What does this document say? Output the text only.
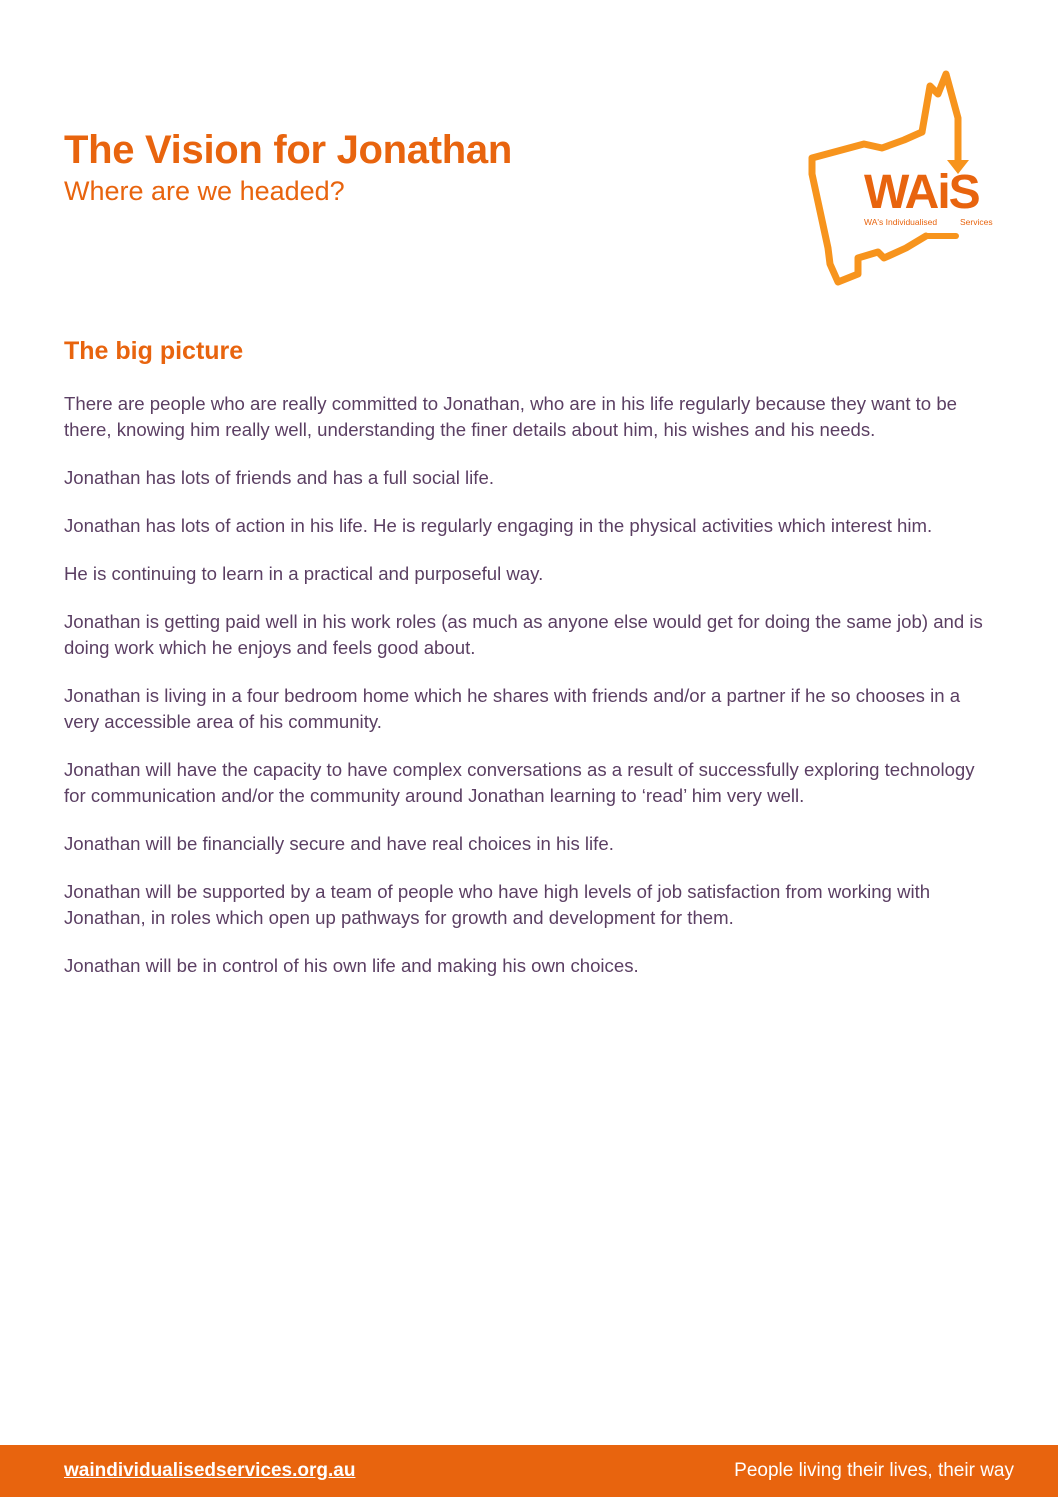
The Vision for Jonathan
Where are we headed?	WAiS
WA's Individualised	Services
The big picture

There are people who are really committed to Jonathan, who are in his life regularly because they want to be there, knowing him really well, understanding the finer details about him, his wishes and his needs.

Jonathan has lots of friends and has a full social life.

Jonathan has lots of action in his life. He is regularly engaging in the physical activities which interest him.

He is continuing to learn in a practical and purposeful way.

Jonathan is getting paid well in his work roles (as much as anyone else would get for doing the same job) and is doing work which he enjoys and feels good about.

Jonathan is living in a four bedroom home which he shares with friends and/or a partner if he so chooses in a very accessible area of his community.

Jonathan will have the capacity to have complex conversations as a result of successfully exploring technology for communication and/or the community around Jonathan learning to ‘read’ him very well.

Jonathan will be financially secure and have real choices in his life.

Jonathan will be supported by a team of people who have high levels of job satisfaction from working with Jonathan, in roles which open up pathways for growth and development for them.

Jonathan will be in control of his own life and making his own choices.

waindividualisedservices.org.au	People living their lives, their way
